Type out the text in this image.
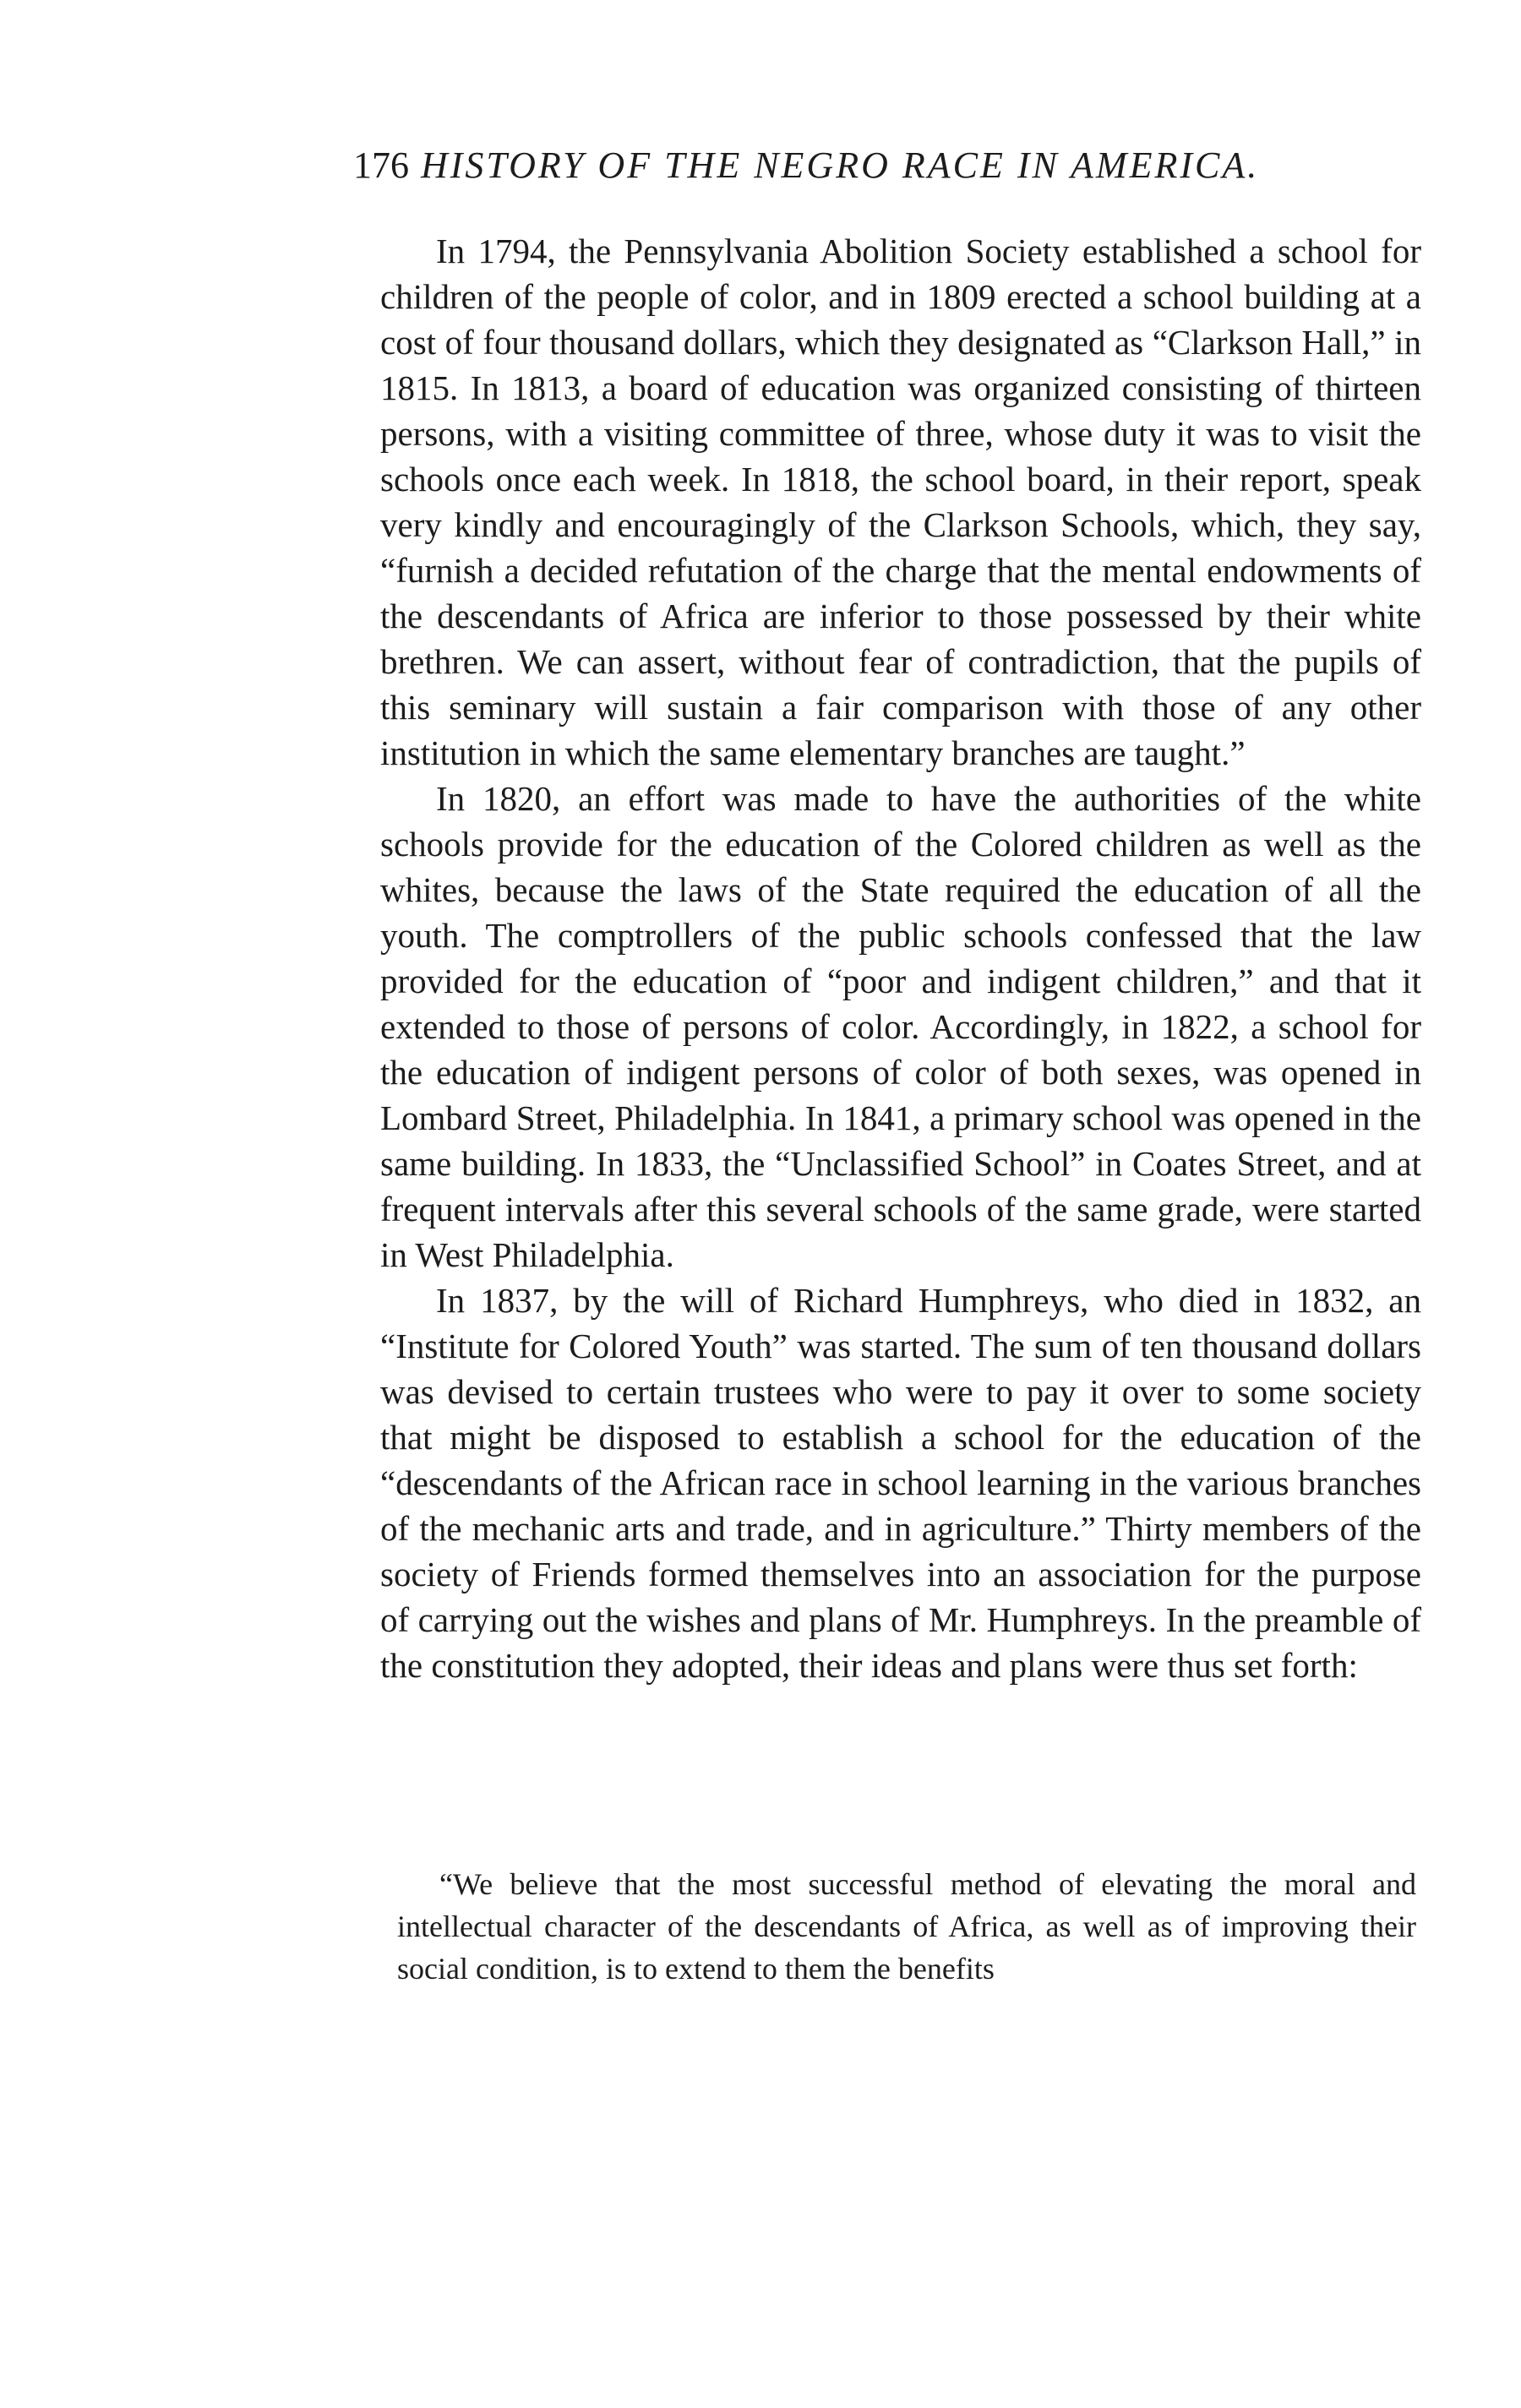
176 HISTORY OF THE NEGRO RACE IN AMERICA.

In 1794, the Pennsylvania Abolition Society established a school for children of the people of color, and in 1809 erected a school building at a cost of four thousand dollars, which they designated as “Clarkson Hall,” in 1815. In 1813, a board of education was organized consisting of thirteen persons, with a visiting committee of three, whose duty it was to visit the schools once each week. In 1818, the school board, in their report, speak very kindly and encouragingly of the Clarkson Schools, which, they say, “furnish a decided refutation of the charge that the mental endowments of the descendants of Africa are inferior to those possessed by their white brethren. We can assert, without fear of contradiction, that the pupils of this seminary will sustain a fair comparison with those of any other institution in which the same elementary branches are taught.”

In 1820, an effort was made to have the authorities of the white schools provide for the education of the Colored children as well as the whites, because the laws of the State required the education of all the youth. The comptrollers of the public schools confessed that the law provided for the education of “poor and indigent children,” and that it extended to those of persons of color. Accordingly, in 1822, a school for the education of indigent persons of color of both sexes, was opened in Lombard Street, Philadelphia. In 1841, a primary school was opened in the same building. In 1833, the “Unclassified School” in Coates Street, and at frequent intervals after this several schools of the same grade, were started in West Philadelphia.

In 1837, by the will of Richard Humphreys, who died in 1832, an “Institute for Colored Youth” was started. The sum of ten thousand dollars was devised to certain trustees who were to pay it over to some society that might be disposed to establish a school for the education of the “descendants of the African race in school learning in the various branches of the mechanic arts and trade, and in agriculture.” Thirty members of the society of Friends formed themselves into an association for the purpose of carrying out the wishes and plans of Mr. Humphreys. In the preamble of the constitution they adopted, their ideas and plans were thus set forth:

“We believe that the most successful method of elevating the moral and intellectual character of the descendants of Africa, as well as of improving their social condition, is to extend to them the benefits
